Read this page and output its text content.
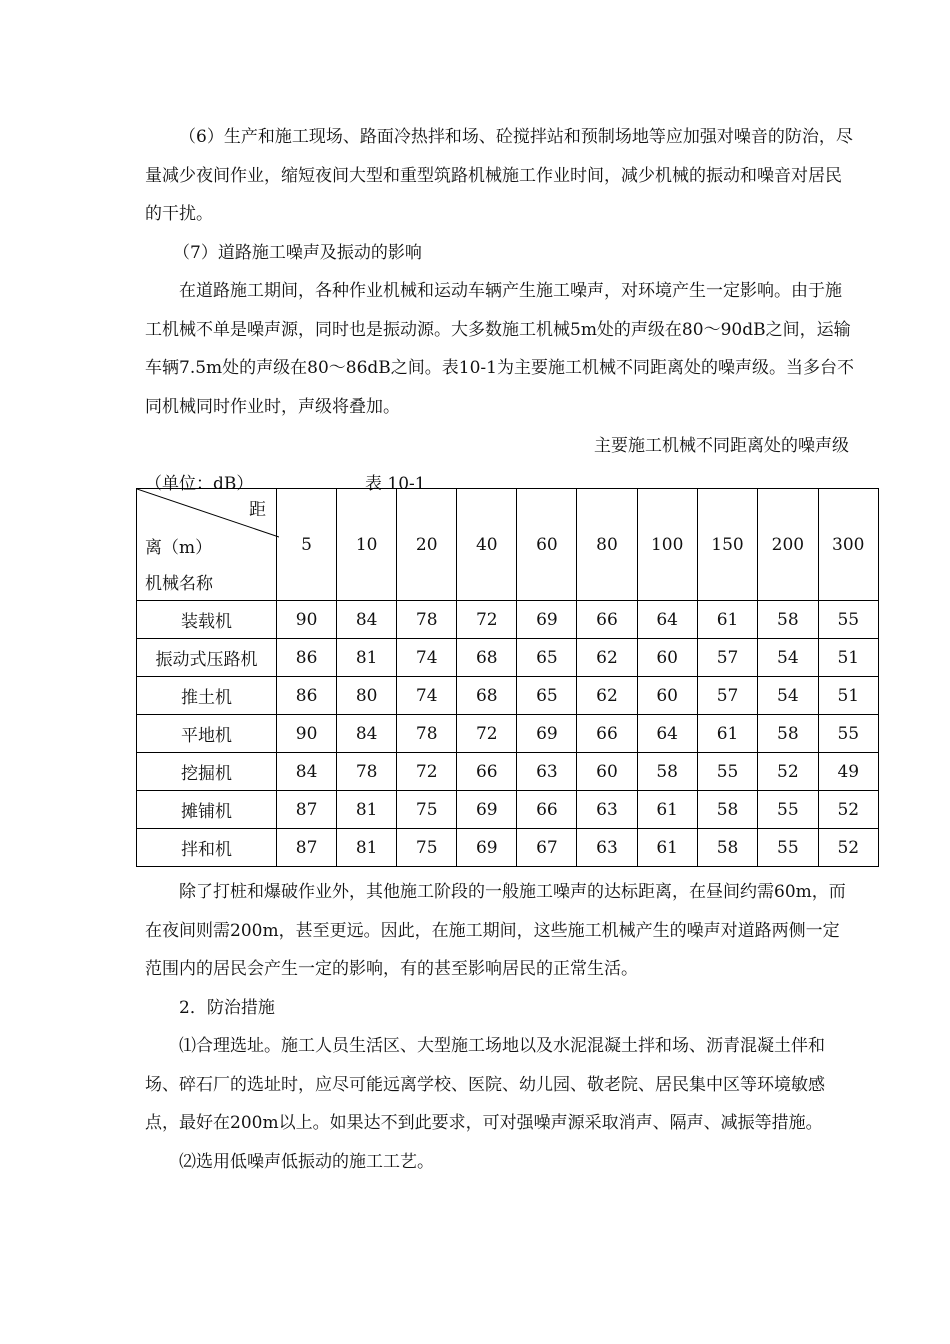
（6）生产和施工现场、路面冷热拌和场、砼搅拌站和预制场地等应加强对噪音的防治，尽量减少夜间作业，缩短夜间大型和重型筑路机械施工作业时间，减少机械的振动和噪音对居民的干扰。

（7）道路施工噪声及振动的影响

在道路施工期间，各种作业机械和运动车辆产生施工噪声，对环境产生一定影响。由于施工机械不单是噪声源，同时也是振动源。大多数施工机械5m处的声级在80～90dB之间，运输车辆7.5m处的声级在80～86dB之间。表10-1为主要施工机械不同距离处的噪声级。当多台不同机械同时作业时，声级将叠加。

主要施工机械不同距离处的噪声级

（单位：dB）	表 10-1
距
离（m）
机械名称	5	10	20	40	60	80	100	150	200	300
装载机	90	84	78	72	69	66	64	61	58	55
振动式压路机	86	81	74	68	65	62	60	57	54	51
推土机	86	80	74	68	65	62	60	57	54	51
平地机	90	84	78	72	69	66	64	61	58	55
挖掘机	84	78	72	66	63	60	58	55	52	49
摊铺机	87	81	75	69	66	63	61	58	55	52
拌和机	87	81	75	69	67	63	61	58	55	52

除了打桩和爆破作业外，其他施工阶段的一般施工噪声的达标距离，在昼间约需60m，而在夜间则需200m，甚至更远。因此，在施工期间，这些施工机械产生的噪声对道路两侧一定范围内的居民会产生一定的影响，有的甚至影响居民的正常生活。

2．防治措施

⑴合理选址。施工人员生活区、大型施工场地以及水泥混凝土拌和场、沥青混凝土伴和场、碎石厂的选址时，应尽可能远离学校、医院、幼儿园、敬老院、居民集中区等环境敏感点，最好在200m以上。如果达不到此要求，可对强噪声源采取消声、隔声、减振等措施。

⑵选用低噪声低振动的施工工艺。
